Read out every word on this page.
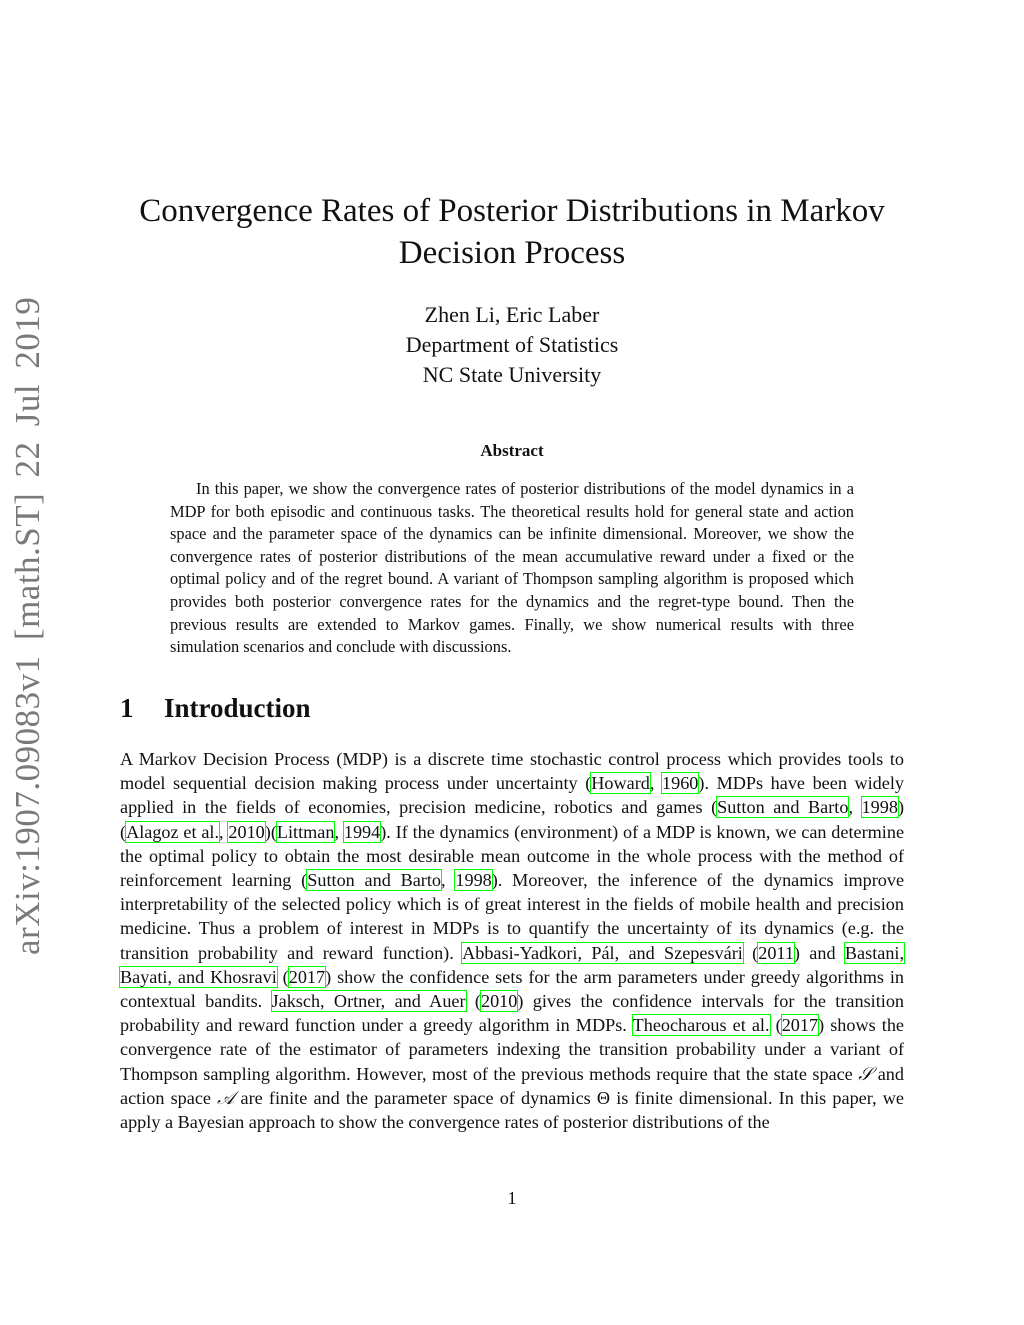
arXiv:1907.09083v1 [math.ST] 22 Jul 2019
Convergence Rates of Posterior Distributions in Markov Decision Process
Zhen Li, Eric Laber
Department of Statistics
NC State University
Abstract

In this paper, we show the convergence rates of posterior distributions of the model dynamics in a MDP for both episodic and continuous tasks. The theoretical results hold for general state and action space and the parameter space of the dynamics can be infinite dimensional. Moreover, we show the convergence rates of posterior distributions of the mean accumulative reward under a fixed or the optimal policy and of the regret bound. A variant of Thompson sampling algorithm is proposed which provides both posterior convergence rates for the dynamics and the regret-type bound. Then the previous results are extended to Markov games. Finally, we show numerical results with three simulation scenarios and conclude with discussions.

1 Introduction

A Markov Decision Process (MDP) is a discrete time stochastic control process which provides tools to model sequential decision making process under uncertainty (Howard, 1960). MDPs have been widely applied in the fields of economies, precision medicine, robotics and games (Sutton and Barto, 1998)(Alagoz et al., 2010)(Littman, 1994). If the dynamics (environment) of a MDP is known, we can determine the optimal policy to obtain the most desirable mean outcome in the whole process with the method of reinforcement learning (Sutton and Barto, 1998). Moreover, the inference of the dynamics improve interpretability of the selected policy which is of great interest in the fields of mobile health and precision medicine. Thus a problem of interest in MDPs is to quantify the uncertainty of its dynamics (e.g. the transition probability and reward function). Abbasi-Yadkori, Pál, and Szepesvári (2011) and Bastani, Bayati, and Khosravi (2017) show the confidence sets for the arm parameters under greedy algorithms in contextual bandits. Jaksch, Ortner, and Auer (2010) gives the confidence intervals for the transition probability and reward function under a greedy algorithm in MDPs. Theocharous et al. (2017) shows the convergence rate of the estimator of parameters indexing the transition probability under a variant of Thompson sampling algorithm. However, most of the previous methods require that the state space 𝒮 and action space 𝒜 are finite and the parameter space of dynamics Θ is finite dimensional. In this paper, we apply a Bayesian approach to show the convergence rates of posterior distributions of the

1
